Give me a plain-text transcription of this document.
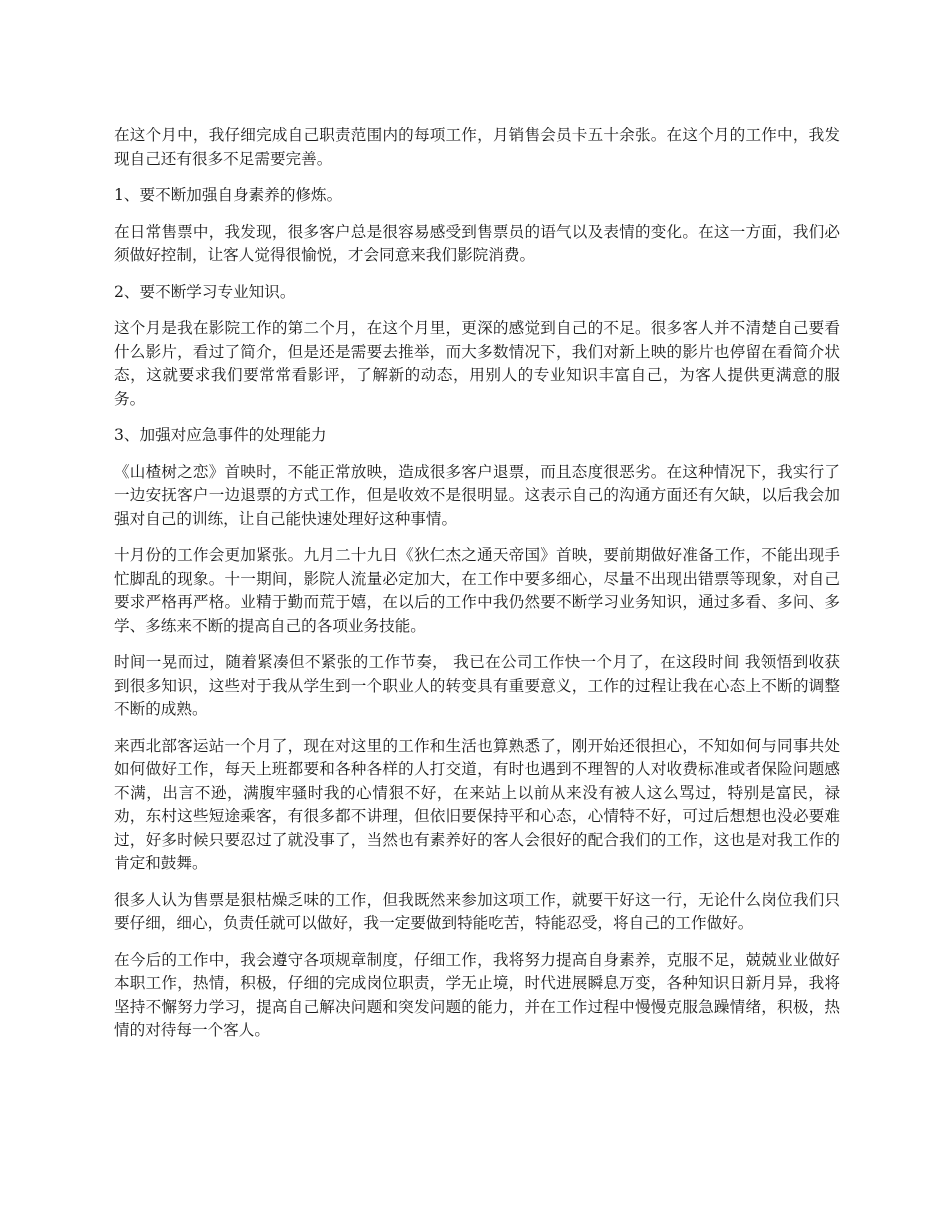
在这个月中，我仔细完成自己职责范围内的每项工作，月销售会员卡五十余张。在这个月的工作中，我发现自己还有很多不足需要完善。

1、要不断加强自身素养的修炼。

在日常售票中，我发现，很多客户总是很容易感受到售票员的语气以及表情的变化。在这一方面，我们必须做好控制，让客人觉得很愉悦，才会同意来我们影院消费。

2、要不断学习专业知识。

这个月是我在影院工作的第二个月，在这个月里，更深的感觉到自己的不足。很多客人并不清楚自己要看什么影片，看过了简介，但是还是需要去推举，而大多数情况下，我们对新上映的影片也停留在看简介状态，这就要求我们要常常看影评，了解新的动态，用别人的专业知识丰富自己，为客人提供更满意的服务。

3、加强对应急事件的处理能力

《山楂树之恋》首映时，不能正常放映，造成很多客户退票，而且态度很恶劣。在这种情况下，我实行了一边安抚客户一边退票的方式工作，但是收效不是很明显。这表示自己的沟通方面还有欠缺，以后我会加强对自己的训练，让自己能快速处理好这种事情。

十月份的工作会更加紧张。九月二十九日《狄仁杰之通天帝国》首映，要前期做好准备工作，不能出现手忙脚乱的现象。十一期间，影院人流量必定加大，在工作中要多细心，尽量不出现出错票等现象，对自己要求严格再严格。业精于勤而荒于嬉，在以后的工作中我仍然要不断学习业务知识，通过多看、多问、多学、多练来不断的提高自己的各项业务技能。

时间一晃而过，随着紧凑但不紧张的工作节奏， 我已在公司工作快一个月了，在这段时间 我领悟到收获到很多知识，这些对于我从学生到一个职业人的转变具有重要意义，工作的过程让我在心态上不断的调整不断的成熟。

来西北部客运站一个月了，现在对这里的工作和生活也算熟悉了，刚开始还很担心，不知如何与同事共处如何做好工作，每天上班都要和各种各样的人打交道，有时也遇到不理智的人对收费标准或者保险问题感不满，出言不逊，满腹牢骚时我的心情狠不好，在来站上以前从来没有被人这么骂过，特别是富民，禄劝，东村这些短途乘客，有很多都不讲理，但依旧要保持平和心态，心情特不好，可过后想想也没必要难过，好多时候只要忍过了就没事了，当然也有素养好的客人会很好的配合我们的工作，这也是对我工作的肯定和鼓舞。

很多人认为售票是狠枯燥乏味的工作，但我既然来参加这项工作，就要干好这一行，无论什么岗位我们只要仔细，细心，负责任就可以做好，我一定要做到特能吃苦，特能忍受，将自己的工作做好。

在今后的工作中，我会遵守各项规章制度，仔细工作，我将努力提高自身素养，克服不足，兢兢业业做好本职工作，热情，积极，仔细的完成岗位职责，学无止境，时代进展瞬息万变，各种知识日新月异，我将坚持不懈努力学习，提高自己解决问题和突发问题的能力，并在工作过程中慢慢克服急躁情绪，积极，热情的对待每一个客人。
